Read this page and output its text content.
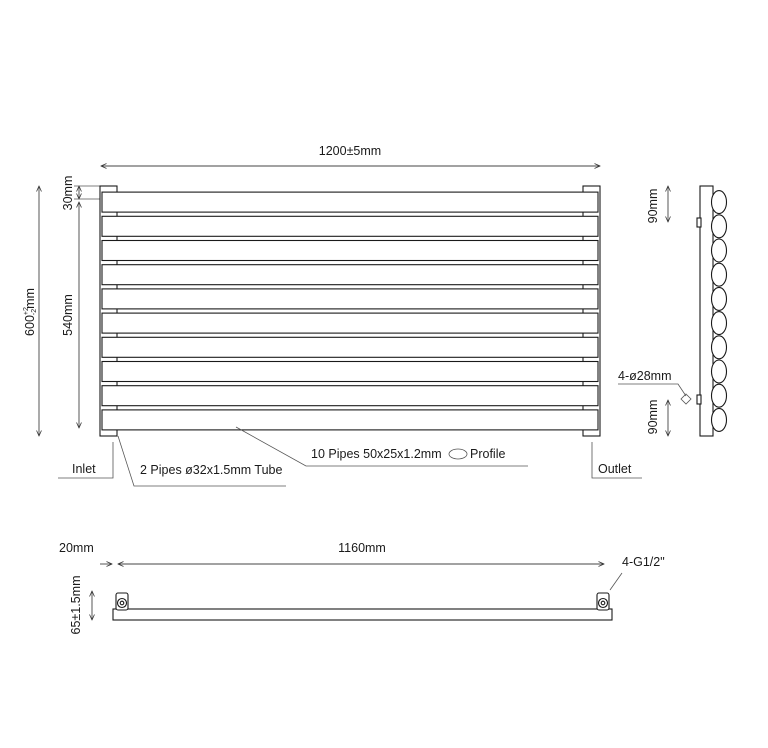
1200±5mm
$600^{+2}-2mm$
30mm
540mm
10 Pipes 50x25x1.2mm Profile
2 Pipes ø32x1.5mm Tube
Inlet	Outlet
90mm
90mm
4-ø28mm
20mm	1160mm
4-G1/2"
65±1.5mm
